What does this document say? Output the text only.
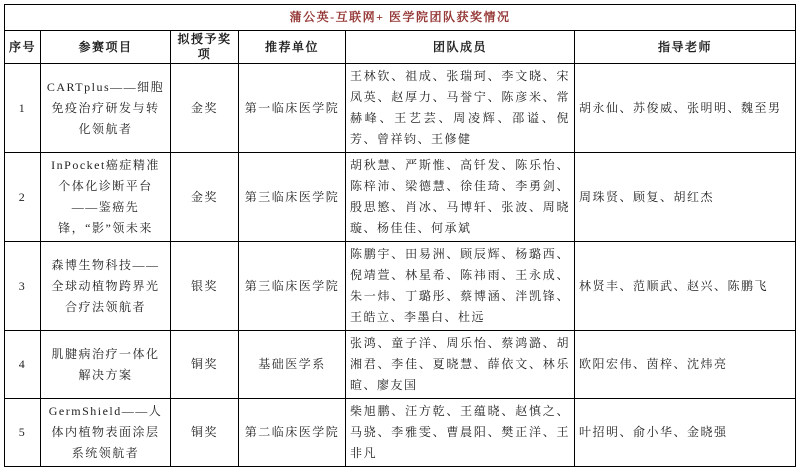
蒲公英-互联网+ 医学院团队获奖情况					
序号	参赛项目	拟授予奖项	推荐单位	团队成员	指导老师
1	CARTplus——细胞免疫治疗研发与转化领航者	金奖	第一临床医学院	王林钦、祖成、张瑞珂、李文晓、宋凤英、赵厚力、马誉宁、陈彦米、常赫峰、王艺芸、周凌辉、邵谥、倪芳、曾祥钧、王修健	胡永仙、苏俊威、张明明、魏至男
2	InPocket癌症精准个体化诊断平台——鉴癌先锋，“影”领未来	金奖	第三临床医学院	胡秋慧、严斯惟、高钎发、陈乐怡、陈梓沛、梁德慧、徐佳琦、李勇剑、殷思慜、肖冰、马博轩、张波、周晓璇、杨佳佳、何承斌	周珠贤、顾复、胡红杰
3	森博生物科技——全球动植物跨界光合疗法领航者	银奖	第三临床医学院	陈鹏宇、田易洲、顾辰辉、杨璐西、倪靖萱、林星希、陈祎雨、王永成、朱一炜、丁璐彤、蔡博涵、泮凯锋、王皓立、李墨白、杜远	林贤丰、范顺武、赵兴、陈鹏飞
4	肌腱病治疗一体化解决方案	铜奖	基础医学系	张鸿、童子洋、周乐怡、蔡鸿潞、胡湘君、李佳、夏晓慧、薛依文、林乐暄、廖友国	欧阳宏伟、茵梓、沈炜亮
5	GermShield——人体内植物表面涂层系统领航者	铜奖	第二临床医学院	柴旭鹏、汪方乾、王蕴晓、赵慎之、马骁、李雅雯、曹晨阳、樊正洋、王非凡	叶招明、俞小华、金晓强
